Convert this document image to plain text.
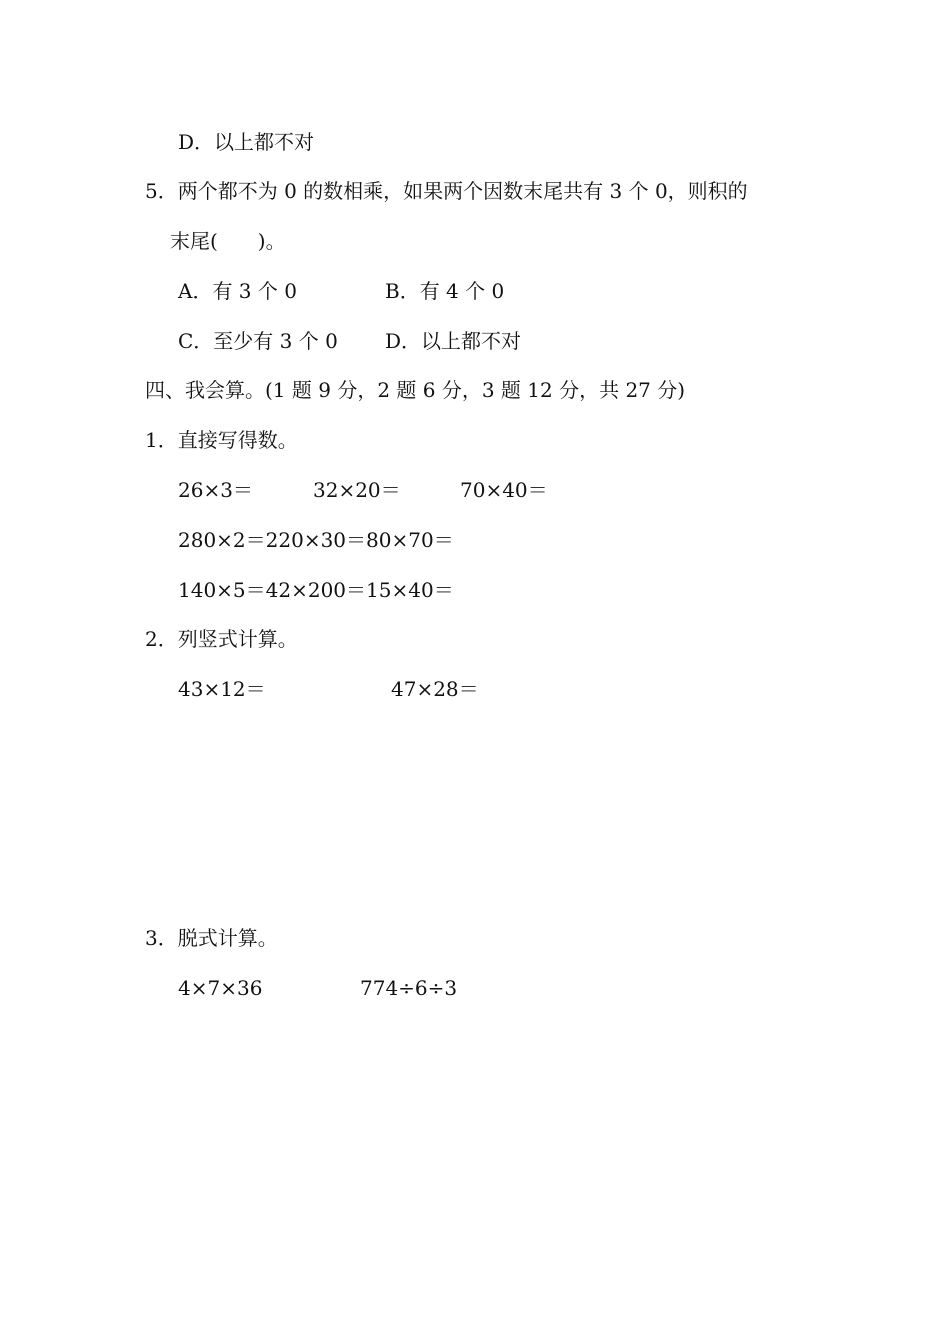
D．以上都不对
5．两个都不为 0 的数相乘，如果两个因数末尾共有 3 个 0，则积的
末尾(　　)。
A．有 3 个 0	B．有 4 个 0
C．至少有 3 个 0 D．以上都不对
四、我会算。(1 题 9 分，2 题 6 分，3 题 12 分，共 27 分)
1．直接写得数。
26×3＝	32×20＝	70×40＝
280×2＝220×30＝80×70＝
140×5＝42×200＝15×40＝
2．列竖式计算。
43×12＝	47×28＝
3．脱式计算。
4×7×36	774÷6÷3
